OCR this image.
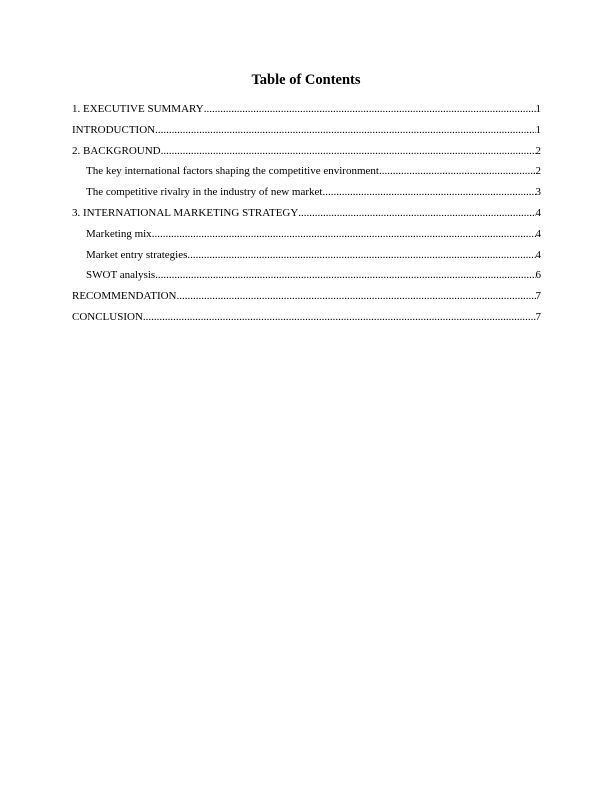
Table of Contents
1. EXECUTIVE SUMMARY .....	1
INTRODUCTION .....	1
2. BACKGROUND .....	2
The key international factors shaping the competitive environment .....	2
The competitive rivalry in the industry of new market .....	3
3. INTERNATIONAL MARKETING STRATEGY .....	4
Marketing mix .....	4
Market entry strategies .....	4
SWOT analysis .....	6
RECOMMENDATION .....	7
CONCLUSION .....	7
